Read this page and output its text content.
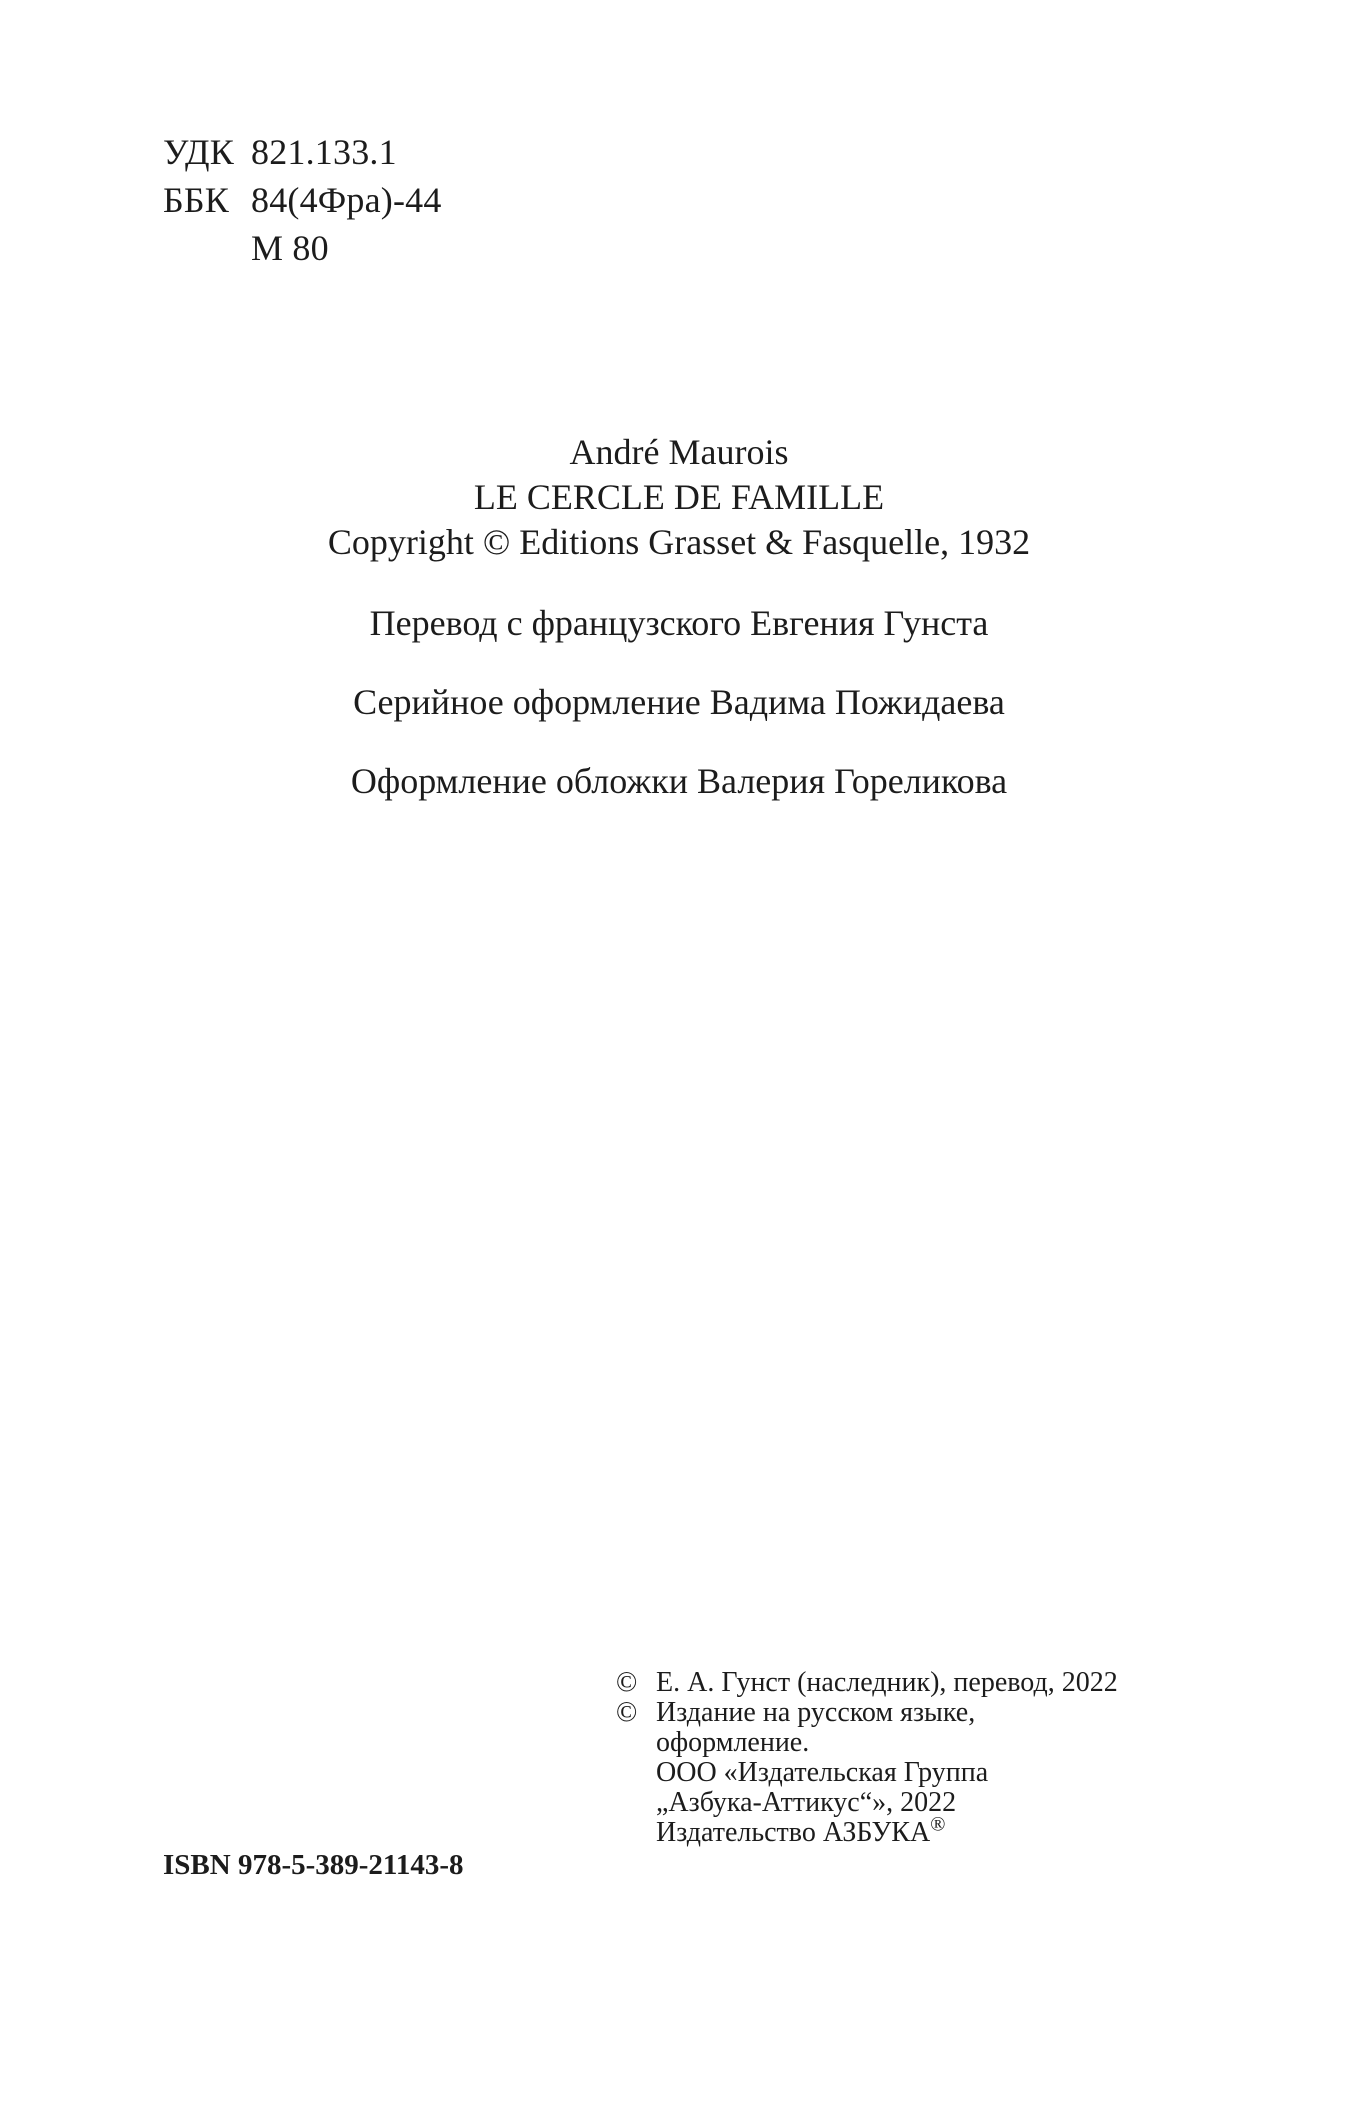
УДК 821.133.1
ББК 84(4Фра)-44
М 80
André Maurois
LE CERCLE DE FAMILLE
Copyright © Editions Grasset & Fasquelle, 1932
Перевод с французского Евгения Гунста
Серийное оформление Вадима Пожидаева
Оформление обложки Валерия Гореликова
ISBN 978-5-389-21143-8
© Е. А. Гунст (наследник), перевод, 2022
© Издание на русском языке,
оформление.
ООО «Издательская Группа
„Азбука-Аттикус“», 2022
Издательство АЗБУКА®
